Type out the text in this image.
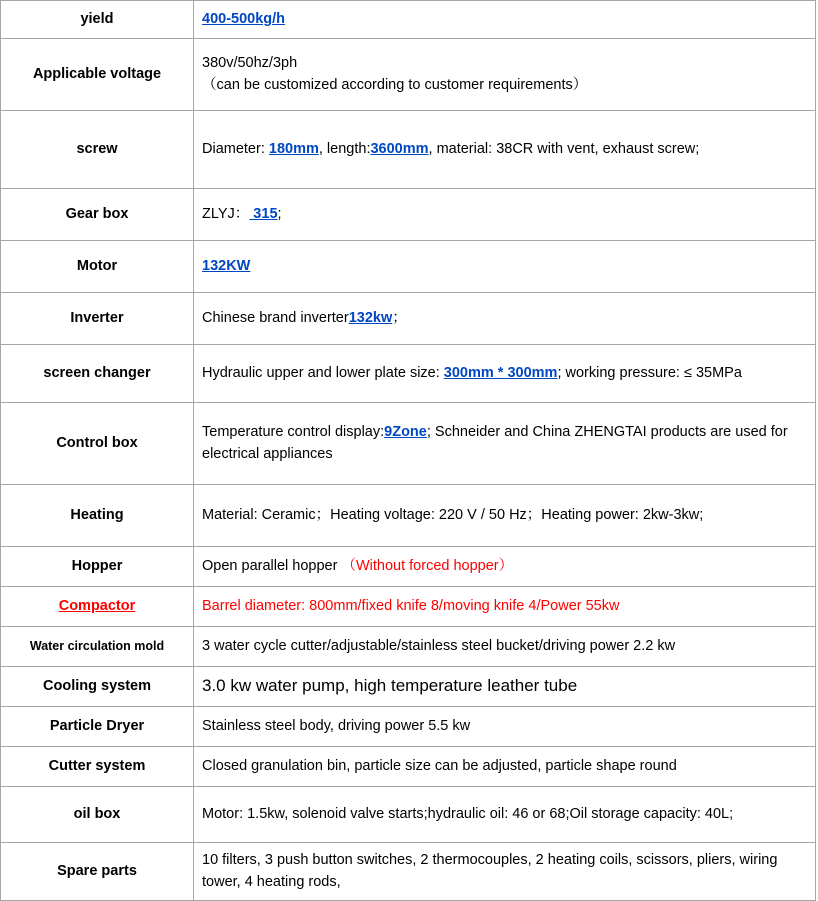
yield	400-500kg/h
Applicable voltage	380v/50hz/3ph
（can be customized according to customer requirements）

screw	Diameter: 180mm, length:3600mm, material: 38CR with vent, exhaust screw;
Gear box	ZLYJ： 315;
Motor	132KW
Inverter	Chinese brand inverter132kw；
screen changer	Hydraulic upper and lower plate size: 300mm * 300mm; working pressure: ≤ 35MPa
Control box	Temperature control display:9Zone; Schneider and China ZHENGTAI products are used for electrical appliances
Heating	Material: Ceramic；Heating voltage: 220 V / 50 Hz；Heating power: 2kw-3kw;
Hopper	Open parallel hopper （Without forced hopper）
Compactor	Barrel diameter: 800mm/fixed knife 8/moving knife 4/Power 55kw
Water circulation mold	3 water cycle cutter/adjustable/stainless steel bucket/driving power 2.2 kw
Cooling system	3.0 kw water pump, high temperature leather tube
Particle Dryer	Stainless steel body, driving power 5.5 kw
Cutter system	Closed granulation bin, particle size can be adjusted, particle shape round
oil box	Motor: 1.5kw, solenoid valve starts;hydraulic oil: 46 or 68;Oil storage capacity: 40L;
Spare parts	10 filters, 3 push button switches, 2 thermocouples, 2 heating coils, scissors, pliers, wiring tower, 4 heating rods,
